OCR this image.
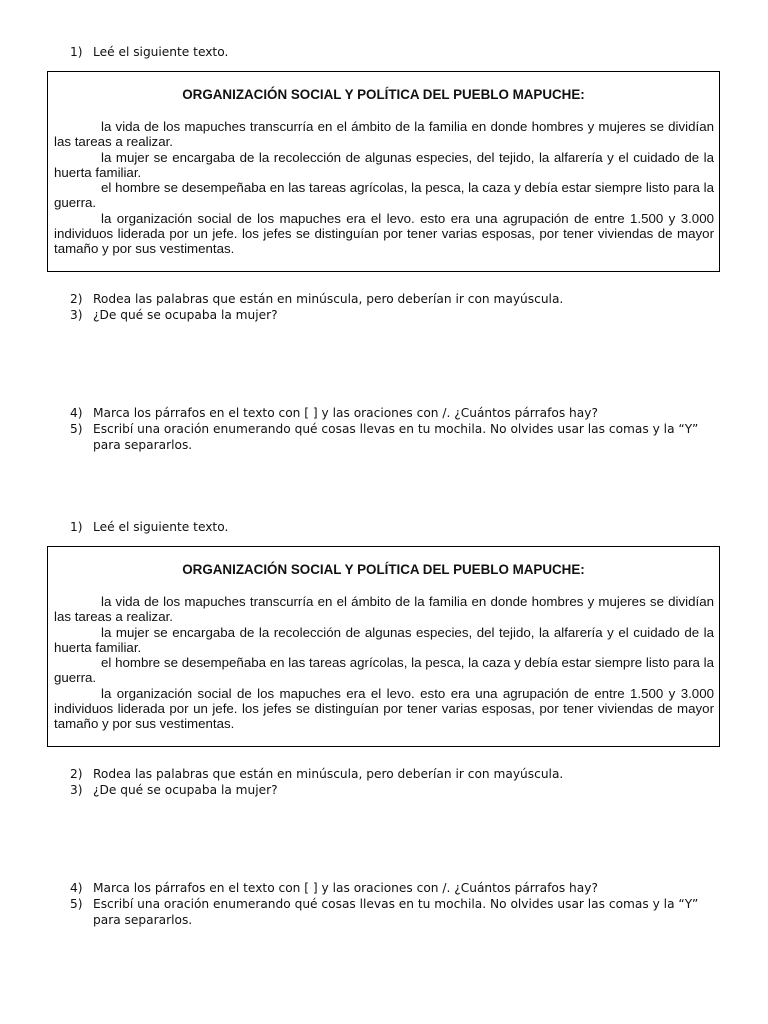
1) Leé el siguiente texto.
ORGANIZACIÓN SOCIAL Y POLÍTICA DEL PUEBLO MAPUCHE:

la vida de los mapuches transcurría en el ámbito de la familia en donde hombres y mujeres se dividían las tareas a realizar.

la mujer se encargaba de la recolección de algunas especies, del tejido, la alfarería y el cuidado de la huerta familiar.

el hombre se desempeñaba en las tareas agrícolas, la pesca, la caza y debía estar siempre listo para la guerra.

la organización social de los mapuches era el levo. esto era una agrupación de entre 1.500 y 3.000 individuos liderada por un jefe. los jefes se distinguían por tener varias esposas, por tener viviendas de mayor tamaño y por sus vestimentas.

2) Rodea las palabras que están en minúscula, pero deberían ir con mayúscula.
3) ¿De qué se ocupaba la mujer?
4) Marca los párrafos en el texto con [ ] y las oraciones con /. ¿Cuántos párrafos hay?
5) Escribí una oración enumerando qué cosas llevas en tu mochila. No olvides usar las comas y la “Y” para separarlos.
1) Leé el siguiente texto.
ORGANIZACIÓN SOCIAL Y POLÍTICA DEL PUEBLO MAPUCHE:

la vida de los mapuches transcurría en el ámbito de la familia en donde hombres y mujeres se dividían las tareas a realizar.

la mujer se encargaba de la recolección de algunas especies, del tejido, la alfarería y el cuidado de la huerta familiar.

el hombre se desempeñaba en las tareas agrícolas, la pesca, la caza y debía estar siempre listo para la guerra.

la organización social de los mapuches era el levo. esto era una agrupación de entre 1.500 y 3.000 individuos liderada por un jefe. los jefes se distinguían por tener varias esposas, por tener viviendas de mayor tamaño y por sus vestimentas.

2) Rodea las palabras que están en minúscula, pero deberían ir con mayúscula.
3) ¿De qué se ocupaba la mujer?
4) Marca los párrafos en el texto con [ ] y las oraciones con /. ¿Cuántos párrafos hay?
5) Escribí una oración enumerando qué cosas llevas en tu mochila. No olvides usar las comas y la “Y” para separarlos.
